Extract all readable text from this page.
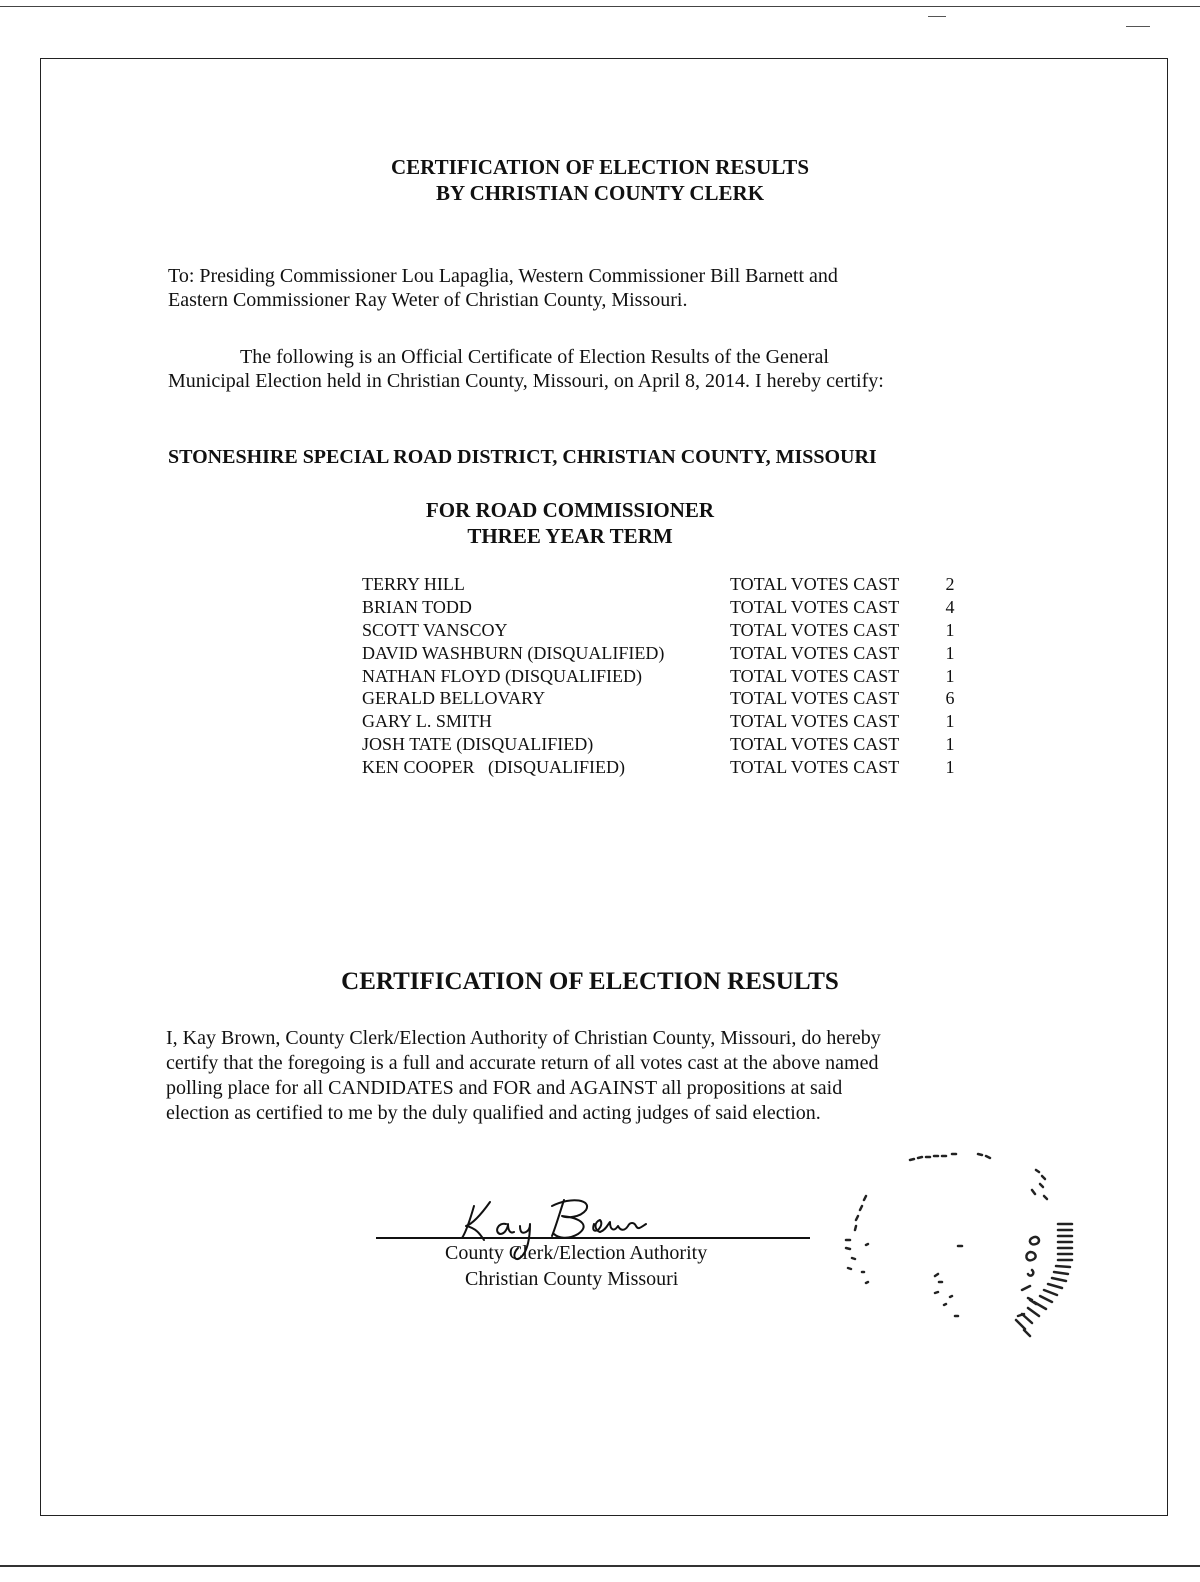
CERTIFICATION OF ELECTION RESULTS
BY CHRISTIAN COUNTY CLERK

To: Presiding Commissioner Lou Lapaglia, Western Commissioner Bill Barnett and
Eastern Commissioner Ray Weter of Christian County, Missouri.

The following is an Official Certificate of Election Results of the General
Municipal Election held in Christian County, Missouri, on April 8, 2014. I hereby certify:

STONESHIRE SPECIAL ROAD DISTRICT, CHRISTIAN COUNTY, MISSOURI
FOR ROAD COMMISSIONER
THREE YEAR TERM
TERRY HILL	TOTAL VOTES CAST	2
BRIAN TODD	TOTAL VOTES CAST	4
SCOTT VANSCOY	TOTAL VOTES CAST	1
DAVID WASHBURN (DISQUALIFIED)	TOTAL VOTES CAST	1
NATHAN FLOYD (DISQUALIFIED)	TOTAL VOTES CAST	1
GERALD BELLOVARY	TOTAL VOTES CAST	6
GARY L. SMITH	TOTAL VOTES CAST	1
JOSH TATE (DISQUALIFIED)	TOTAL VOTES CAST	1
KEN COOPER   (DISQUALIFIED)	TOTAL VOTES CAST	1
CERTIFICATION OF ELECTION RESULTS

I, Kay Brown, County Clerk/Election Authority of Christian County, Missouri, do hereby
certify that the foregoing is a full and accurate return of all votes cast at the above named
polling place for all CANDIDATES and FOR and AGAINST all propositions at said
election as certified to me by the duly qualified and acting judges of said election.

County Clerk/Election Authority
Christian County Missouri
